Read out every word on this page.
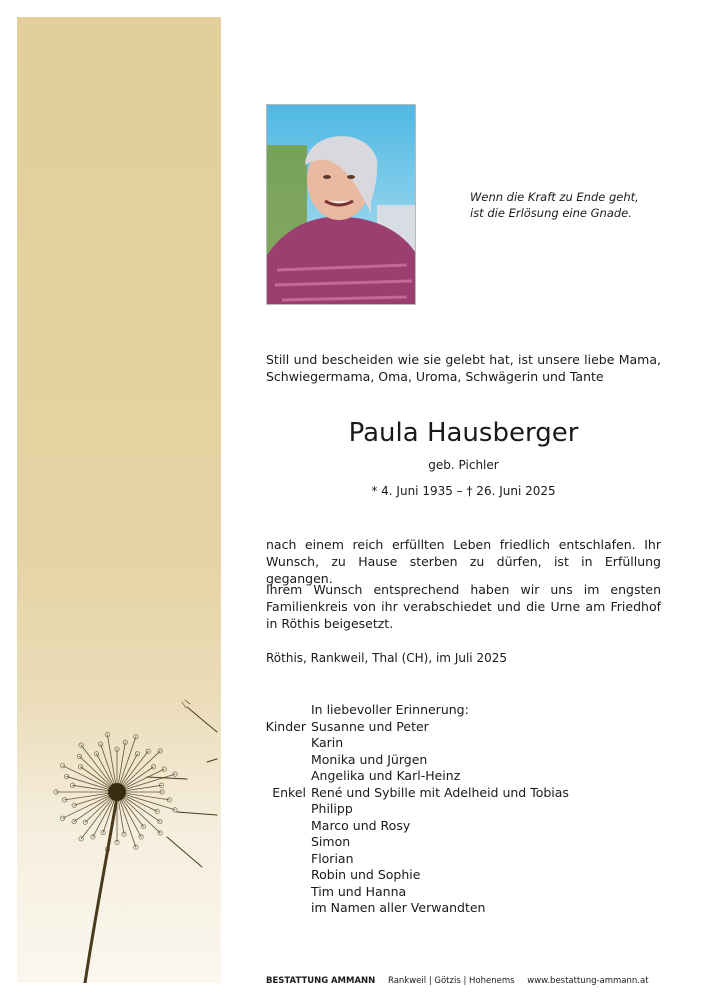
Wenn die Kraft zu Ende geht,
ist die Erlösung eine Gnade.
Still und bescheiden wie sie gelebt hat, ist unsere liebe Mama, Schwiegermama, Oma, Uroma, Schwägerin und Tante
Paula Hausberger
geb. Pichler
* 4. Juni 1935 – † 26. Juni 2025
nach einem reich erfüllten Leben friedlich entschlafen. Ihr Wunsch, zu Hause sterben zu dürfen, ist in Erfüllung gegangen.
Ihrem Wunsch entsprechend haben wir uns im engsten Familienkreis von ihr verabschiedet und die Urne am Friedhof in Röthis beigesetzt.
Röthis, Rankweil, Thal (CH), im Juli 2025
In liebevoller Erinnerung:
Kinder Susanne und Peter
Karin
Monika und Jürgen
Angelika und Karl-Heinz
Enkel René und Sybille mit Adelheid und Tobias
Philipp
Marco und Rosy
Simon
Florian
Robin und Sophie
Tim und Hanna
im Namen aller Verwandten
BESTATTUNG AMMANN Rankweil | Götzis | Hohenems www.bestattung-ammann.at
